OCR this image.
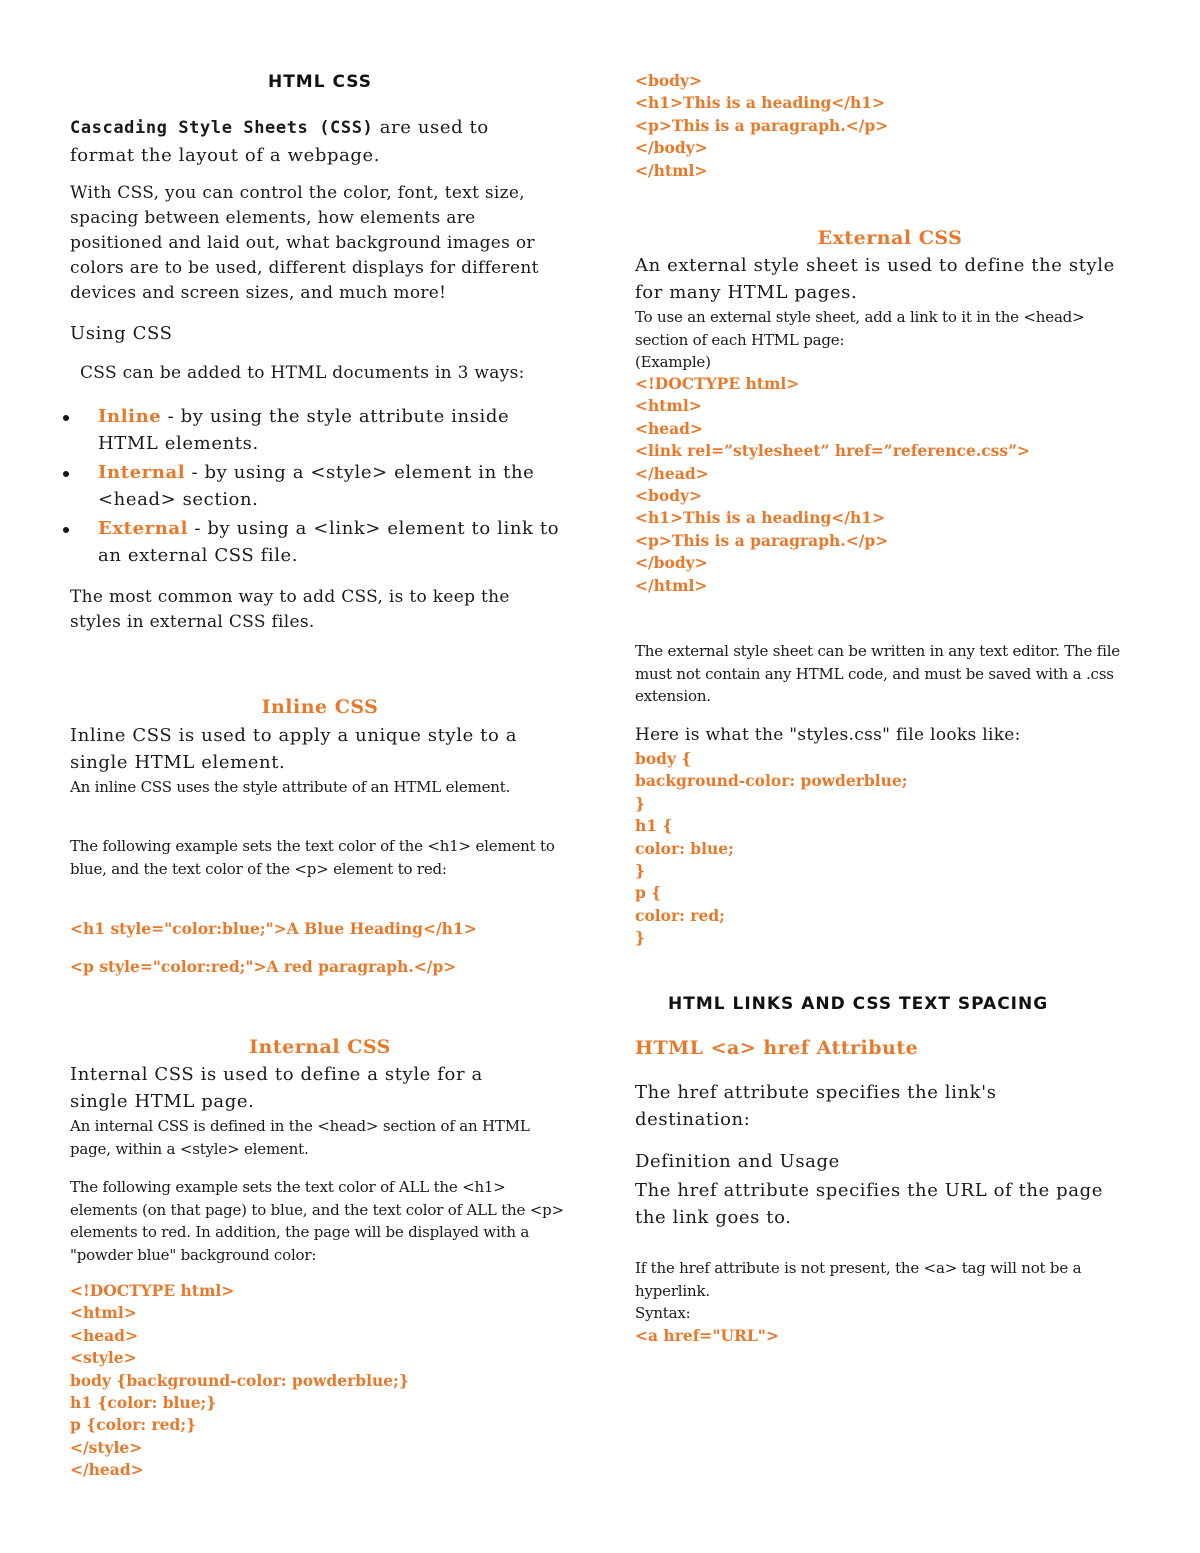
HTML CSS

Cascading Style Sheets (CSS) are used to format the layout of a webpage.

With CSS, you can control the color, font, text size, spacing between elements, how elements are positioned and laid out, what background images or colors are to be used, different displays for different devices and screen sizes, and much more!

Using CSS

CSS can be added to HTML documents in 3 ways:

Inline - by using the style attribute inside HTML elements.
Internal - by using a <style> element in the <head> section.
External - by using a <link> element to link to an external CSS file.

The most common way to add CSS, is to keep the styles in external CSS files.

Inline CSS

Inline CSS is used to apply a unique style to a single HTML element.

An inline CSS uses the style attribute of an HTML element.

The following example sets the text color of the <h1> element to blue, and the text color of the <p> element to red:

<h1 style="color:blue;">A Blue Heading</h1>
<p style="color:red;">A red paragraph.</p>
Internal CSS

Internal CSS is used to define a style for a single HTML page.

An internal CSS is defined in the <head> section of an HTML page, within a <style> element.

The following example sets the text color of ALL the <h1> elements (on that page) to blue, and the text color of ALL the <p> elements to red. In addition, the page will be displayed with a "powder blue" background color:

<!DOCTYPE html>
<html>
<head>
<style>
body {background-color: powderblue;}
h1 {color: blue;}
p {color: red;}
</style>
</head>
<body>
<h1>This is a heading</h1>
<p>This is a paragraph.</p>
</body>
</html>
External CSS

An external style sheet is used to define the style for many HTML pages.

To use an external style sheet, add a link to it in the <head> section of each HTML page:

(Example)

<!DOCTYPE html>
<html>
<head>
<link rel=”stylesheet” href=”reference.css”>
</head>
<body>
<h1>This is a heading</h1>
<p>This is a paragraph.</p>
</body>
</html>

The external style sheet can be written in any text editor. The file must not contain any HTML code, and must be saved with a .css extension.

Here is what the "styles.css" file looks like:

body {
background-color: powderblue;
}
h1 {
color: blue;
}
p {
color: red;
}
HTML LINKS AND CSS TEXT SPACING
HTML <a> href Attribute

The href attribute specifies the link's destination:

Definition and Usage

The href attribute specifies the URL of the page the link goes to.

If the href attribute is not present, the <a> tag will not be a hyperlink.

Syntax:

<a href="URL">
